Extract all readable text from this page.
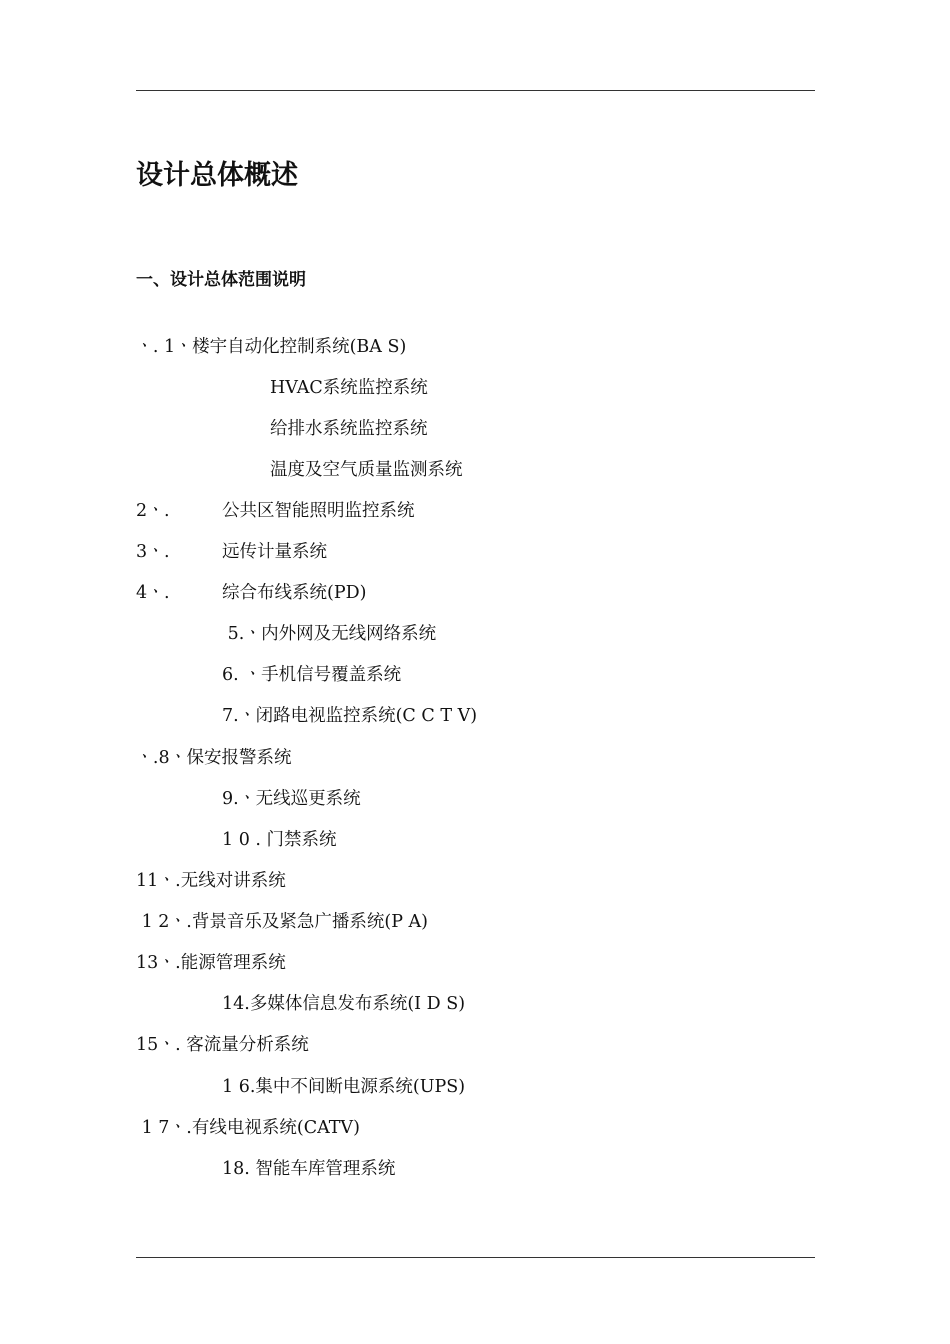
设计总体概述
一、设计总体范围说明
ㆍ. 1ㆍ楼宇自动化控制系统(BA S)
HVAC系统监控系统
给排水系统监控系统
温度及空气质量监测系统
2ㆍ.	公共区智能照明监控系统
3ㆍ.	远传计量系统
4ㆍ.	综合布线系统(PD)
5.ㆍ内外网及无线网络系统
6. ㆍ手机信号覆盖系统
7.ㆍ闭路电视监控系统(C C T V)
ㆍ.8ㆍ保安报警系统
9.ㆍ无线巡更系统
1 0 . 门禁系统
11ㆍ.无线对讲系统
1 2ㆍ.背景音乐及紧急广播系统(P A)
13ㆍ.能源管理系统
14.多媒体信息发布系统(I D S)
15ㆍ. 客流量分析系统
1 6.集中不间断电源系统(UPS)
1 7ㆍ.有线电视系统(CATV)
18. 智能车库管理系统
